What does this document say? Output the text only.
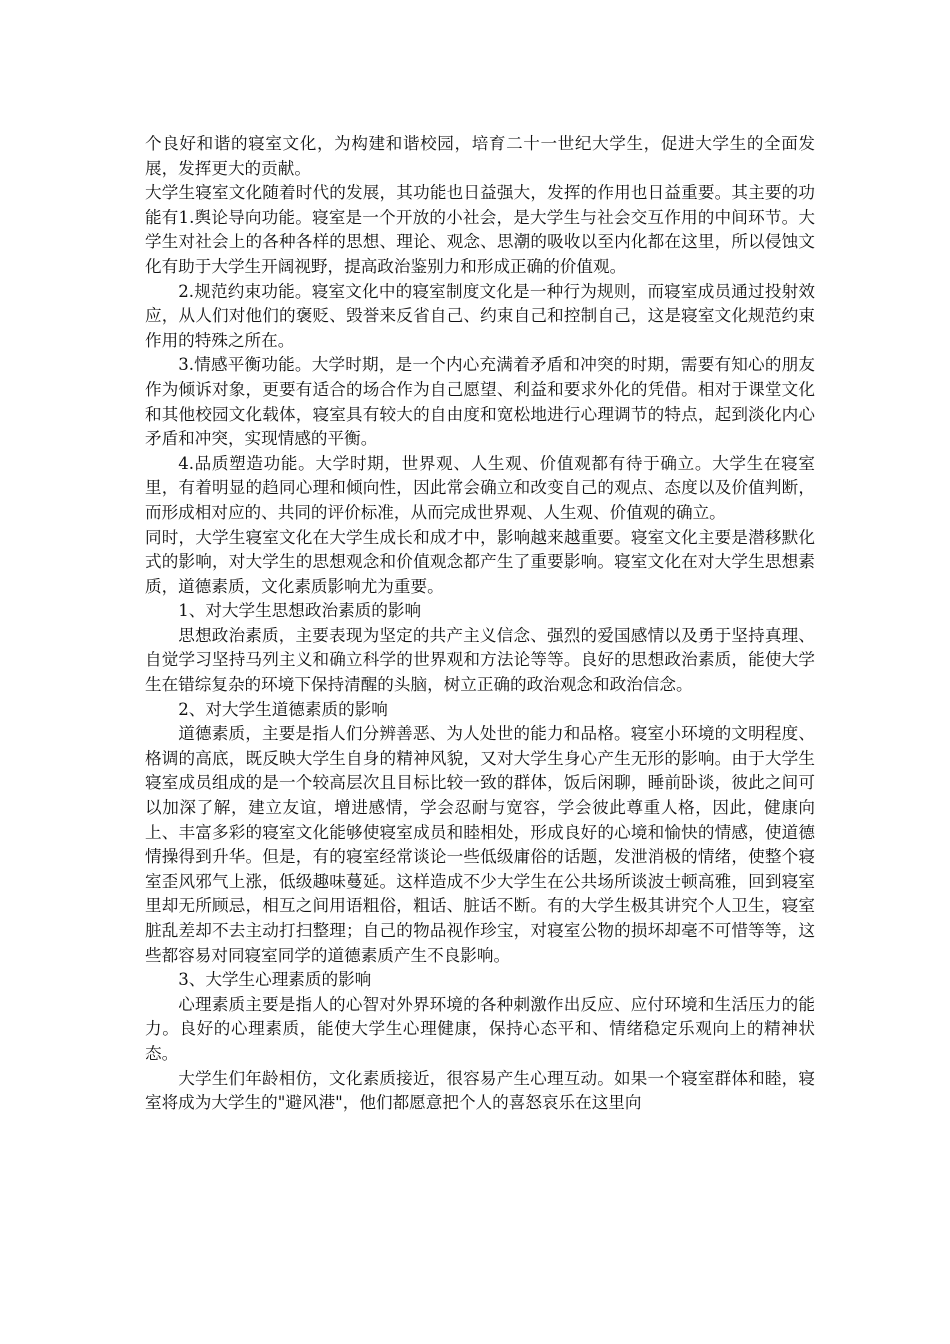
个良好和谐的寝室文化，为构建和谐校园，培育二十一世纪大学生，促进大学生的全面发展，发挥更大的贡献。

大学生寝室文化随着时代的发展，其功能也日益强大，发挥的作用也日益重要。其主要的功能有1.舆论导向功能。寝室是一个开放的小社会，是大学生与社会交互作用的中间环节。大学生对社会上的各种各样的思想、理论、观念、思潮的吸收以至内化都在这里，所以侵蚀文化有助于大学生开阔视野，提高政治鉴别力和形成正确的价值观。

2.规范约束功能。寝室文化中的寝室制度文化是一种行为规则，而寝室成员通过投射效应，从人们对他们的褒贬、毁誉来反省自己、约束自己和控制自己，这是寝室文化规范约束作用的特殊之所在。

3.情感平衡功能。大学时期，是一个内心充满着矛盾和冲突的时期，需要有知心的朋友作为倾诉对象，更要有适合的场合作为自己愿望、利益和要求外化的凭借。相对于课堂文化和其他校园文化载体，寝室具有较大的自由度和宽松地进行心理调节的特点，起到淡化内心矛盾和冲突，实现情感的平衡。

4.品质塑造功能。大学时期，世界观、人生观、价值观都有待于确立。大学生在寝室里，有着明显的趋同心理和倾向性，因此常会确立和改变自己的观点、态度以及价值判断，而形成相对应的、共同的评价标准，从而完成世界观、人生观、价值观的确立。

同时，大学生寝室文化在大学生成长和成才中，影响越来越重要。寝室文化主要是潜移默化式的影响，对大学生的思想观念和价值观念都产生了重要影响。寝室文化在对大学生思想素质，道德素质，文化素质影响尤为重要。

1、对大学生思想政治素质的影响

思想政治素质，主要表现为坚定的共产主义信念、强烈的爱国感情以及勇于坚持真理、自觉学习坚持马列主义和确立科学的世界观和方法论等等。良好的思想政治素质，能使大学生在错综复杂的环境下保持清醒的头脑，树立正确的政治观念和政治信念。

2、对大学生道德素质的影响

道德素质，主要是指人们分辨善恶、为人处世的能力和品格。寝室小环境的文明程度、格调的高底，既反映大学生自身的精神风貌，又对大学生身心产生无形的影响。由于大学生寝室成员组成的是一个较高层次且目标比较一致的群体，饭后闲聊，睡前卧谈，彼此之间可以加深了解，建立友谊，增进感情，学会忍耐与宽容，学会彼此尊重人格，因此，健康向上、丰富多彩的寝室文化能够使寝室成员和睦相处，形成良好的心境和愉快的情感，使道德情操得到升华。但是，有的寝室经常谈论一些低级庸俗的话题，发泄消极的情绪，使整个寝室歪风邪气上涨，低级趣味蔓延。这样造成不少大学生在公共场所谈波士顿高雅，回到寝室里却无所顾忌，相互之间用语粗俗，粗话、脏话不断。有的大学生极其讲究个人卫生，寝室脏乱差却不去主动打扫整理；自己的物品视作珍宝，对寝室公物的损坏却毫不可惜等等，这些都容易对同寝室同学的道德素质产生不良影响。

3、大学生心理素质的影响

心理素质主要是指人的心智对外界环境的各种刺激作出反应、应付环境和生活压力的能力。良好的心理素质，能使大学生心理健康，保持心态平和、情绪稳定乐观向上的精神状态。

大学生们年龄相仿，文化素质接近，很容易产生心理互动。如果一个寝室群体和睦，寝室将成为大学生的"避风港"，他们都愿意把个人的喜怒哀乐在这里向
